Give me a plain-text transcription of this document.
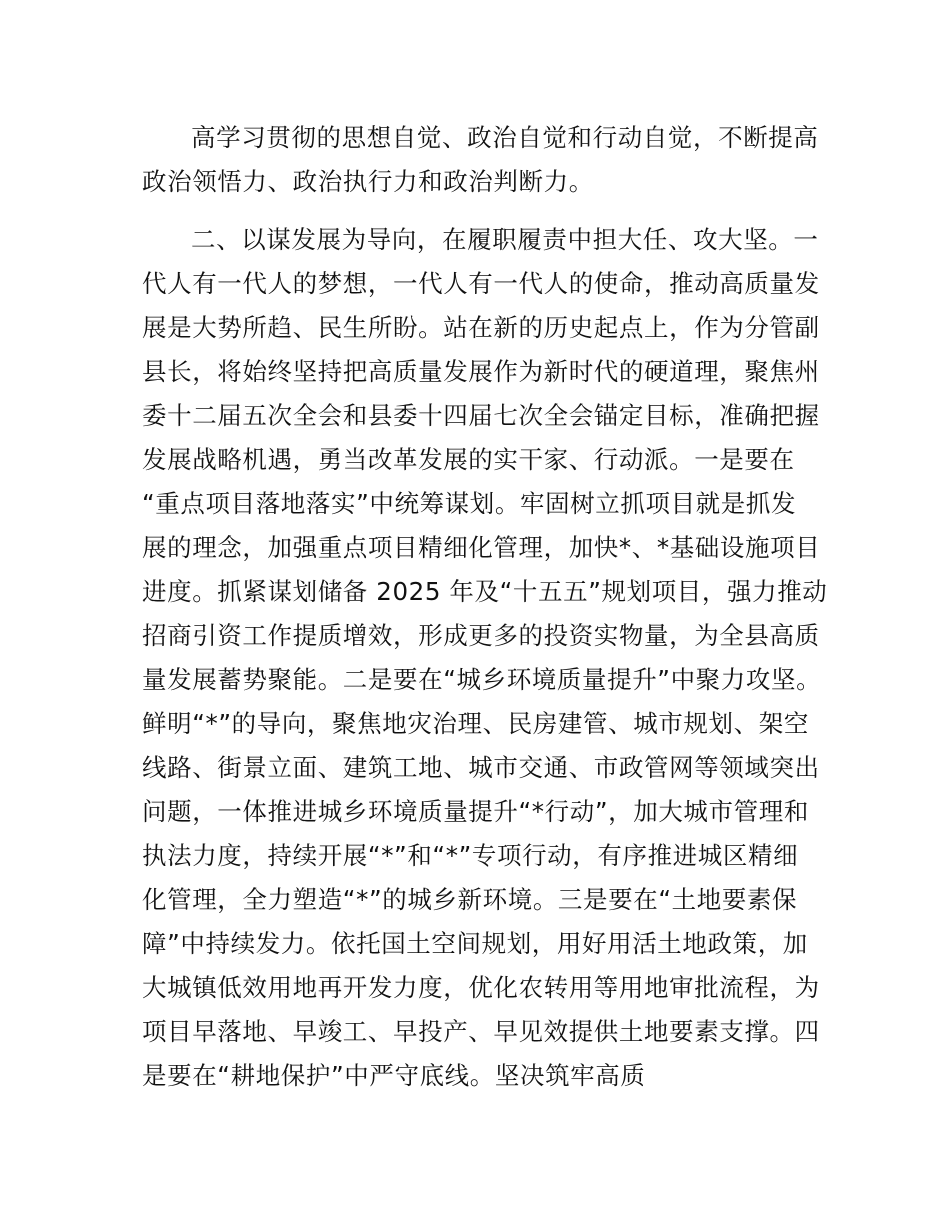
高学习贯彻的思想自觉、政治自觉和行动自觉，不断提高
政治领悟力、政治执行力和政治判断力。
二、以谋发展为导向，在履职履责中担大任、攻大坚。一
代人有一代人的梦想，一代人有一代人的使命，推动高质量发
展是大势所趋、民生所盼。站在新的历史起点上，作为分管副
县长，将始终坚持把高质量发展作为新时代的硬道理，聚焦州
委十二届五次全会和县委十四届七次全会锚定目标，准确把握
发展战略机遇，勇当改革发展的实干家、行动派。一是要在
“重点项目落地落实”中统筹谋划。牢固树立抓项目就是抓发
展的理念，加强重点项目精细化管理，加快*、*基础设施项目
进度。抓紧谋划储备 2025 年及“十五五”规划项目，强力推动
招商引资工作提质增效，形成更多的投资实物量，为全县高质
量发展蓄势聚能。二是要在“城乡环境质量提升”中聚力攻坚。
鲜明“*”的导向，聚焦地灾治理、民房建管、城市规划、架空
线路、街景立面、建筑工地、城市交通、市政管网等领域突出
问题，一体推进城乡环境质量提升“*行动”，加大城市管理和
执法力度，持续开展“*”和“*”专项行动，有序推进城区精细
化管理，全力塑造“*”的城乡新环境。三是要在“土地要素保
障”中持续发力。依托国土空间规划，用好用活土地政策，加
大城镇低效用地再开发力度，优化农转用等用地审批流程，为
项目早落地、早竣工、早投产、早见效提供土地要素支撑。四
是要在“耕地保护”中严守底线。坚决筑牢高质
